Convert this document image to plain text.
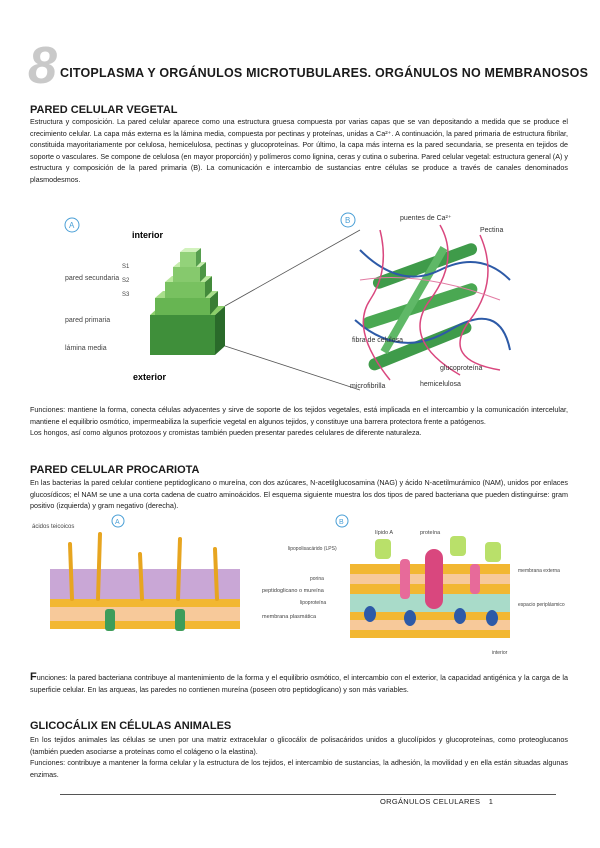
8 CITOPLASMA Y ORGÁNULOS MICROTUBULARES. ORGÁNULOS NO MEMBRANOSOS
PARED CELULAR VEGETAL

Estructura y composición. La pared celular aparece como una estructura gruesa compuesta por varias capas que se van depositando a medida que se produce el crecimiento celular. La capa más externa es la lámina media, compuesta por pectinas y proteínas, unidas a Ca²⁺. A continuación, la pared primaria de estructura fibrilar, constituida mayoritariamente por celulosa, hemicelulosa, pectinas y glucoproteínas. Por último, la capa más interna es la pared secundaria, se presenta en tejidos de soporte o vasculares. Se compone de celulosa (en mayor proporción) y polímeros como lignina, ceras y cutina o suberina. Pared celular vegetal: estructura general (A) y estructura y composición de la pared primaria (B). La comunicación e intercambio de sustancias entre células se produce a través de canales denominados plasmodesmos.

A
interior
exterior
pared secundaria
S1
S2
S3
pared primaria
lámina media
B	puentes de Ca²⁺
Pectina
fibra de celulosa
glucoproteína
microfibrilla	hemicelulosa

Funciones: mantiene la forma, conecta células adyacentes y sirve de soporte de los tejidos vegetales, está implicada en el intercambio y la comunicación intercelular, mantiene el equilibrio osmótico, impermeabiliza la superficie vegetal en algunos tejidos, y constituye una barrera protectora frente a patógenos.

Los hongos, así como algunos protozoos y cromistas también pueden presentar paredes celulares de diferente naturaleza.

PARED CELULAR PROCARIOTA

En las bacterias la pared celular contiene peptidoglicano o mureína, con dos azúcares, N-acetilglucosamina (NAG) y ácido N-acetilmurámico (NAM), unidos por enlaces glucosídicos; el NAM se une a una corta cadena de cuatro aminoácidos. El esquema siguiente muestra los dos tipos de pared bacteriana que pueden distinguirse: gram positivo (izquierda) y gram negativo (derecha).

A
ácidos teicoicos
peptidoglicano o mureína
membrana plasmática
B
lipopolisacárido (LPS)
lípido A	proteína
porina
lipoproteína
membrana externa
espacio periplásmico
interior

Funciones: la pared bacteriana contribuye al mantenimiento de la forma y el equilibrio osmótico, el intercambio con el exterior, la capacidad antigénica y la carga de la superficie celular. En las arqueas, las paredes no contienen mureína (poseen otro peptidoglicano) y son más variables.

GLICOCÁLIX EN CÉLULAS ANIMALES

En los tejidos animales las células se unen por una matriz extracelular o glicocálix de polisacáridos unidos a glucolípidos y glucoproteínas, como proteoglucanos (también pueden asociarse a proteínas como el colágeno o la elastina).

Funciones: contribuye a mantener la forma celular y la estructura de los tejidos, el intercambio de sustancias, la adhesión, la movilidad y en ella están situadas algunas enzimas.

ORGÁNULOS CELULARES 1
